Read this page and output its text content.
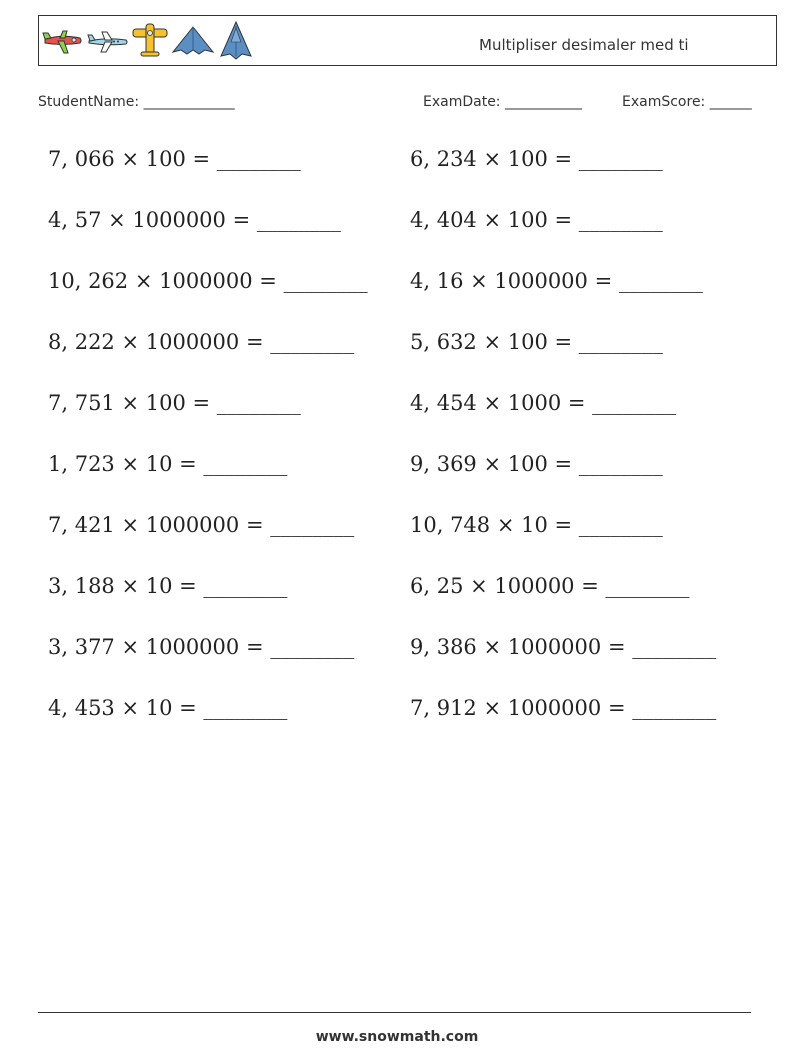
Multipliser desimaler med ti
StudentName: _____________	ExamDate: ___________	ExamScore: ______
7, 066 × 100 = ________
4, 57 × 1000000 = ________
10, 262 × 1000000 = ________
8, 222 × 1000000 = ________
7, 751 × 100 = ________
1, 723 × 10 = ________
7, 421 × 1000000 = ________
3, 188 × 10 = ________
3, 377 × 1000000 = ________
4, 453 × 10 = ________
6, 234 × 100 = ________
4, 404 × 100 = ________
4, 16 × 1000000 = ________
5, 632 × 100 = ________
4, 454 × 1000 = ________
9, 369 × 100 = ________
10, 748 × 10 = ________
6, 25 × 100000 = ________
9, 386 × 1000000 = ________
7, 912 × 1000000 = ________
www.snowmath.com
